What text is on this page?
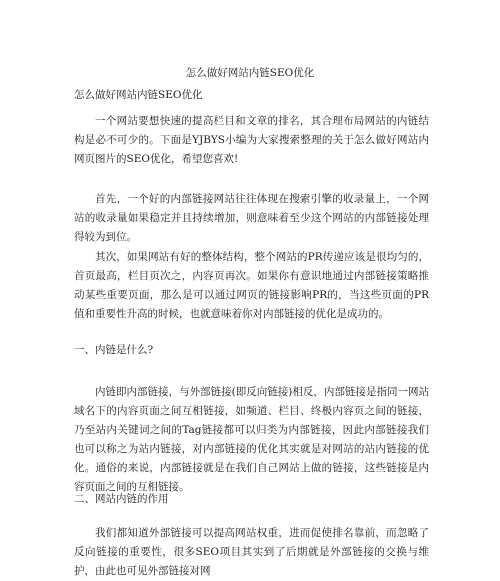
怎么做好网站内链SEO优化

怎么做好网站内链SEO优化

一个网站要想快速的提高栏目和文章的排名，其合理布局网站的内链结构是必不可少的。下面是YJBYS小编为大家搜索整理的关于怎么做好网站内网页图片的SEO优化，希望您喜欢!

首先，一个好的内部链接网站往往体现在搜索引擎的收录量上，一个网站的收录量如果稳定并且持续增加，则意味着至少这个网站的内部链接处理得较为到位。

其次，如果网站有好的整体结构，整个网站的PR传递应该是很均匀的，首页最高，栏目页次之，内容页再次。如果你有意识地通过内部链接策略推动某些重要页面，那么是可以通过网页的链接影响PR的，当这些页面的PR值和重要性升高的时候，也就意味着你对内部链接的优化是成功的。

一、内链是什么?

内链即内部链接，与外部链接(即反向链接)相反，内部链接是指同一网站域名下的内容页面之间互相链接，如频道、栏目、终极内容页之间的链接，乃至站内关键词之间的Tag链接都可以归类为内部链接，因此内部链接我们也可以称之为站内链接，对内部链接的优化其实就是对网站的站内链接的优化。通俗的来说，内部链接就是在我们自己网站上做的链接，这些链接是内容页面之间的互相链接。

二、网站内链的作用

我们都知道外部链接可以提高网站权重，进而促使排名靠前，而忽略了反向链接的重要性，很多SEO项目其实到了后期就是外部链接的交换与维护，由此也可见外部链接对网
